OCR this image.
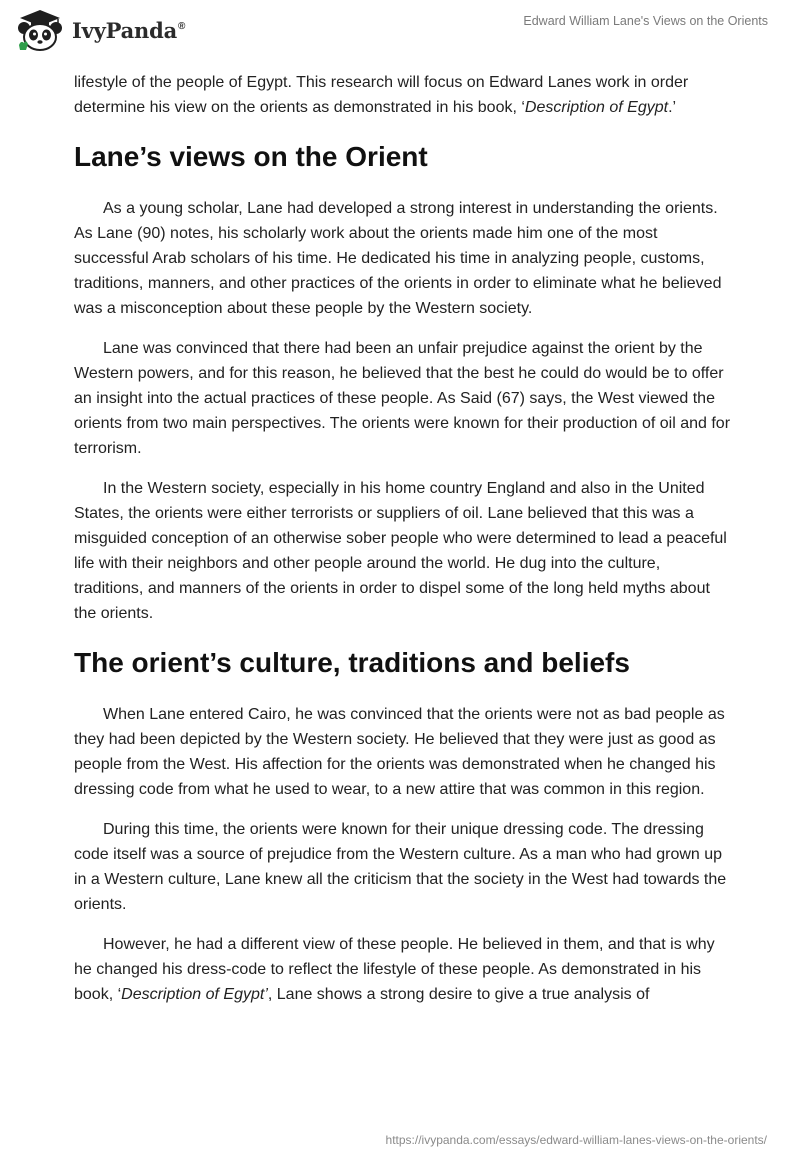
IvyPanda®	Edward William Lane's Views on the Orients

lifestyle of the people of Egypt. This research will focus on Edward Lanes work in order determine his view on the orients as demonstrated in his book, ‘Description of Egypt.’

Lane’s views on the Orient

As a young scholar, Lane had developed a strong interest in understanding the orients. As Lane (90) notes, his scholarly work about the orients made him one of the most successful Arab scholars of his time. He dedicated his time in analyzing people, customs, traditions, manners, and other practices of the orients in order to eliminate what he believed was a misconception about these people by the Western society.

Lane was convinced that there had been an unfair prejudice against the orient by the Western powers, and for this reason, he believed that the best he could do would be to offer an insight into the actual practices of these people. As Said (67) says, the West viewed the orients from two main perspectives. The orients were known for their production of oil and for terrorism.

In the Western society, especially in his home country England and also in the United States, the orients were either terrorists or suppliers of oil. Lane believed that this was a misguided conception of an otherwise sober people who were determined to lead a peaceful life with their neighbors and other people around the world. He dug into the culture, traditions, and manners of the orients in order to dispel some of the long held myths about the orients.

The orient’s culture, traditions and beliefs

When Lane entered Cairo, he was convinced that the orients were not as bad people as they had been depicted by the Western society. He believed that they were just as good as people from the West. His affection for the orients was demonstrated when he changed his dressing code from what he used to wear, to a new attire that was common in this region.

During this time, the orients were known for their unique dressing code. The dressing code itself was a source of prejudice from the Western culture. As a man who had grown up in a Western culture, Lane knew all the criticism that the society in the West had towards the orients.

However, he had a different view of these people. He believed in them, and that is why he changed his dress-code to reflect the lifestyle of these people. As demonstrated in his book, ‘Description of Egypt’, Lane shows a strong desire to give a true analysis of

https://ivypanda.com/essays/edward-william-lanes-views-on-the-orients/
